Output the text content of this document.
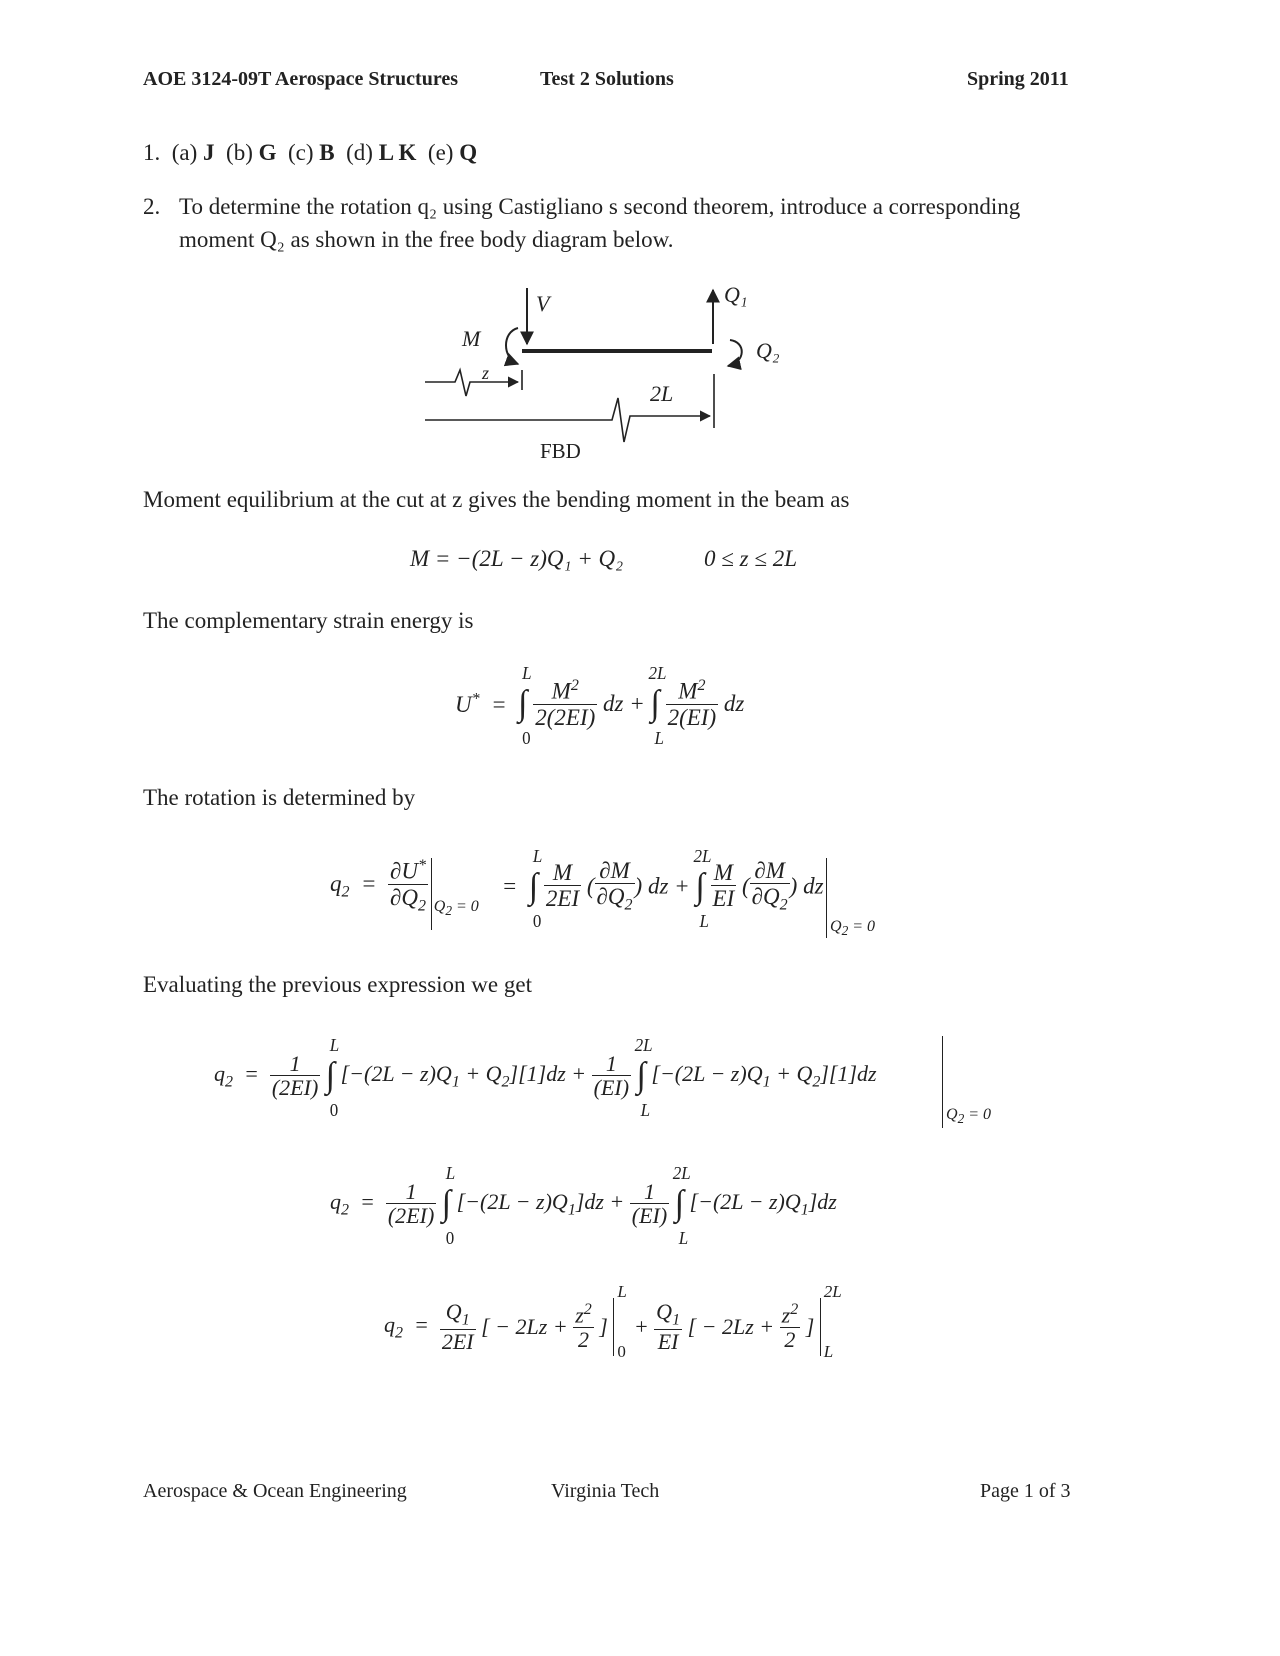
AOE 3124-09T Aerospace Structures	Test 2 Solutions	Spring 2011
1. (a) J (b) G (c) B (d) L K (e) Q
2. To determine the rotation q₂ using Castigliano s second theorem, introduce a corresponding
moment Q₂ as shown in the free body diagram below.
V
M
z
2L
Q₁
Q₂
FBD
Moment equilibrium at the cut at z gives the bending moment in the beam as
M = −(2L − z)Q₁ + Q₂	0 ≤ z ≤ 2L
The complementary strain energy is
U*  =  ∫
L
0

$\frac{M^2}{2(2EI)}$ dz + ∫
2L
L

$\frac{M^2}{2(EI)}$ dz
The rotation is determined by
$q_2 = \frac{\partial U^*}{\partial Q_2} _{Q_2 = 0}$    =  ∫
L
0

$\frac{M}{2EI}$ ( $\frac{\partial M}{\partial Q_2}$ ) dz + ∫
2L
L

$\frac{M}{EI}$ ( $\frac{\partial M}{\partial Q_2}$ ) dz
$Q_2 = 0$
Evaluating the previous expression we get
$q_2 = \frac{1}{(2EI)}$ ∫
L
0
$[-(2L - z)Q_1 + Q_2][1]dz + \frac{1}{(EI)}$ ∫
2L
L
$[-(2L - z)Q_1 + Q_2][1]dz$
$Q_2 = 0$
$q_2 = \frac{1}{(2EI)}$ ∫
L
0
$[-(2L - z)Q_1]dz + \frac{1}{(EI)}$ ∫
2L
L
$[-(2L - z)Q_1]dz$
$q_2 = \frac{Q_1}{2EI}$ [ − $2Lz + \frac{z^2}{2}$ ]
L
0
+ $\frac{Q_1}{EI}$ [ − $2Lz + \frac{z^2}{2}$ ]
2L
L
Aerospace & Ocean Engineering	Virginia Tech	Page 1 of 3
